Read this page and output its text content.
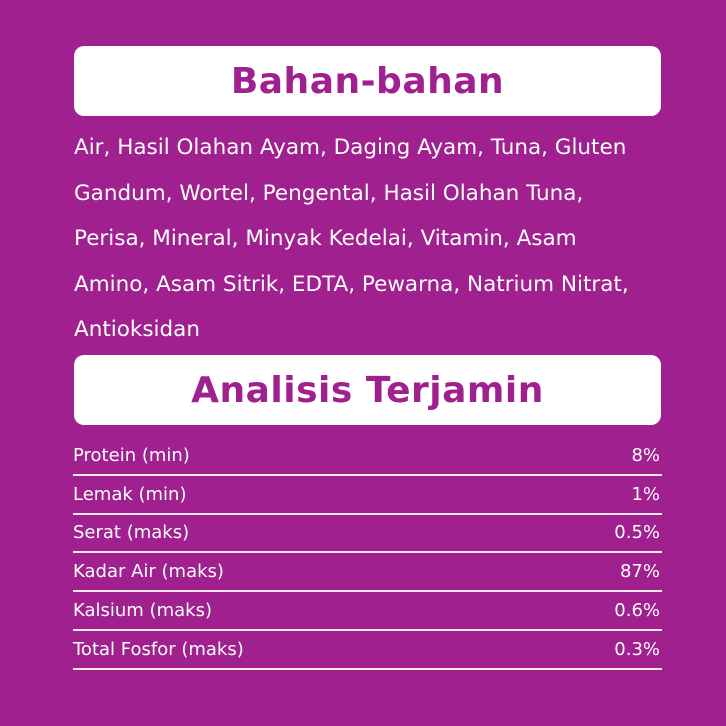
Bahan-bahan
Air, Hasil Olahan Ayam, Daging Ayam, Tuna, Gluten
Gandum, Wortel, Pengental, Hasil Olahan Tuna,
Perisa, Mineral, Minyak Kedelai, Vitamin, Asam
Amino, Asam Sitrik, EDTA, Pewarna, Natrium Nitrat,
Antioksidan
Analisis Terjamin
Protein (min)	8%
Lemak (min)	1%
Serat (maks)	0.5%
Kadar Air (maks)	87%
Kalsium (maks)	0.6%
Total Fosfor (maks)	0.3%
